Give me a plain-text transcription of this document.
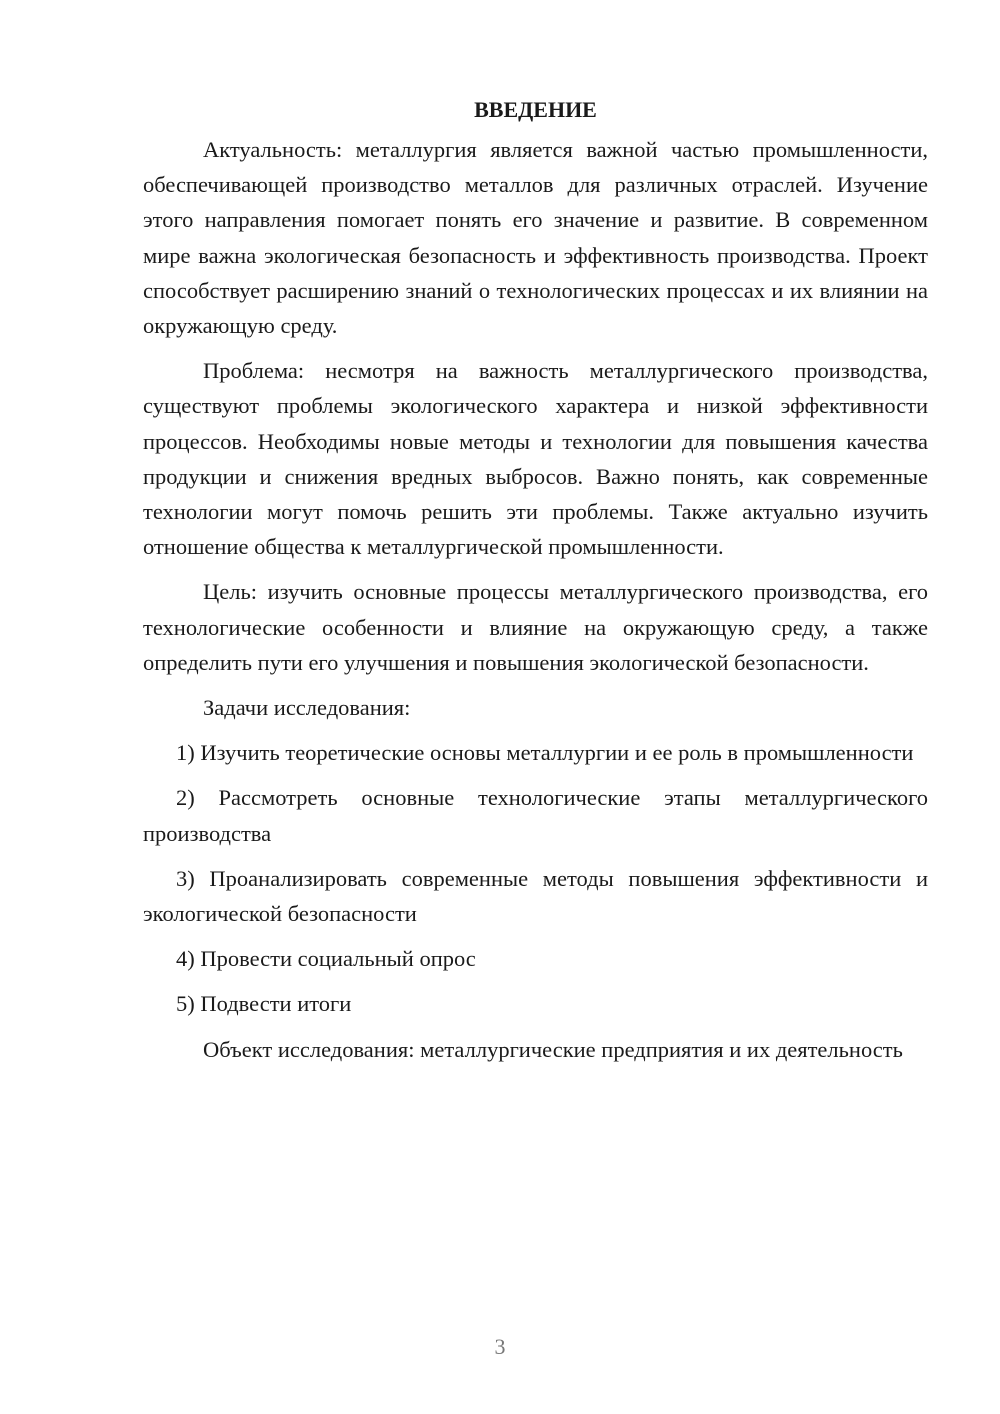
ВВЕДЕНИЕ

Актуальность: металлургия является важной частью промышленности, обеспечивающей производство металлов для различных отраслей. Изучение этого направления помогает понять его значение и развитие. В современном мире важна экологическая безопасность и эффективность производства. Проект способствует расширению знаний о технологических процессах и их влиянии на окружающую среду.

Проблема: несмотря на важность металлургического производства, существуют проблемы экологического характера и низкой эффективности процессов. Необходимы новые методы и технологии для повышения качества продукции и снижения вредных выбросов. Важно понять, как современные технологии могут помочь решить эти проблемы. Также актуально изучить отношение общества к металлургической промышленности.

Цель: изучить основные процессы металлургического производства, его технологические особенности и влияние на окружающую среду, а также определить пути его улучшения и повышения экологической безопасности.

Задачи исследования:

1) Изучить теоретические основы металлургии и ее роль в промышленности

2) Рассмотреть основные технологические этапы металлургического производства

3) Проанализировать современные методы повышения эффективности и экологической безопасности

4) Провести социальный опрос

5) Подвести итоги

Объект исследования: металлургические предприятия и их деятельность

3
